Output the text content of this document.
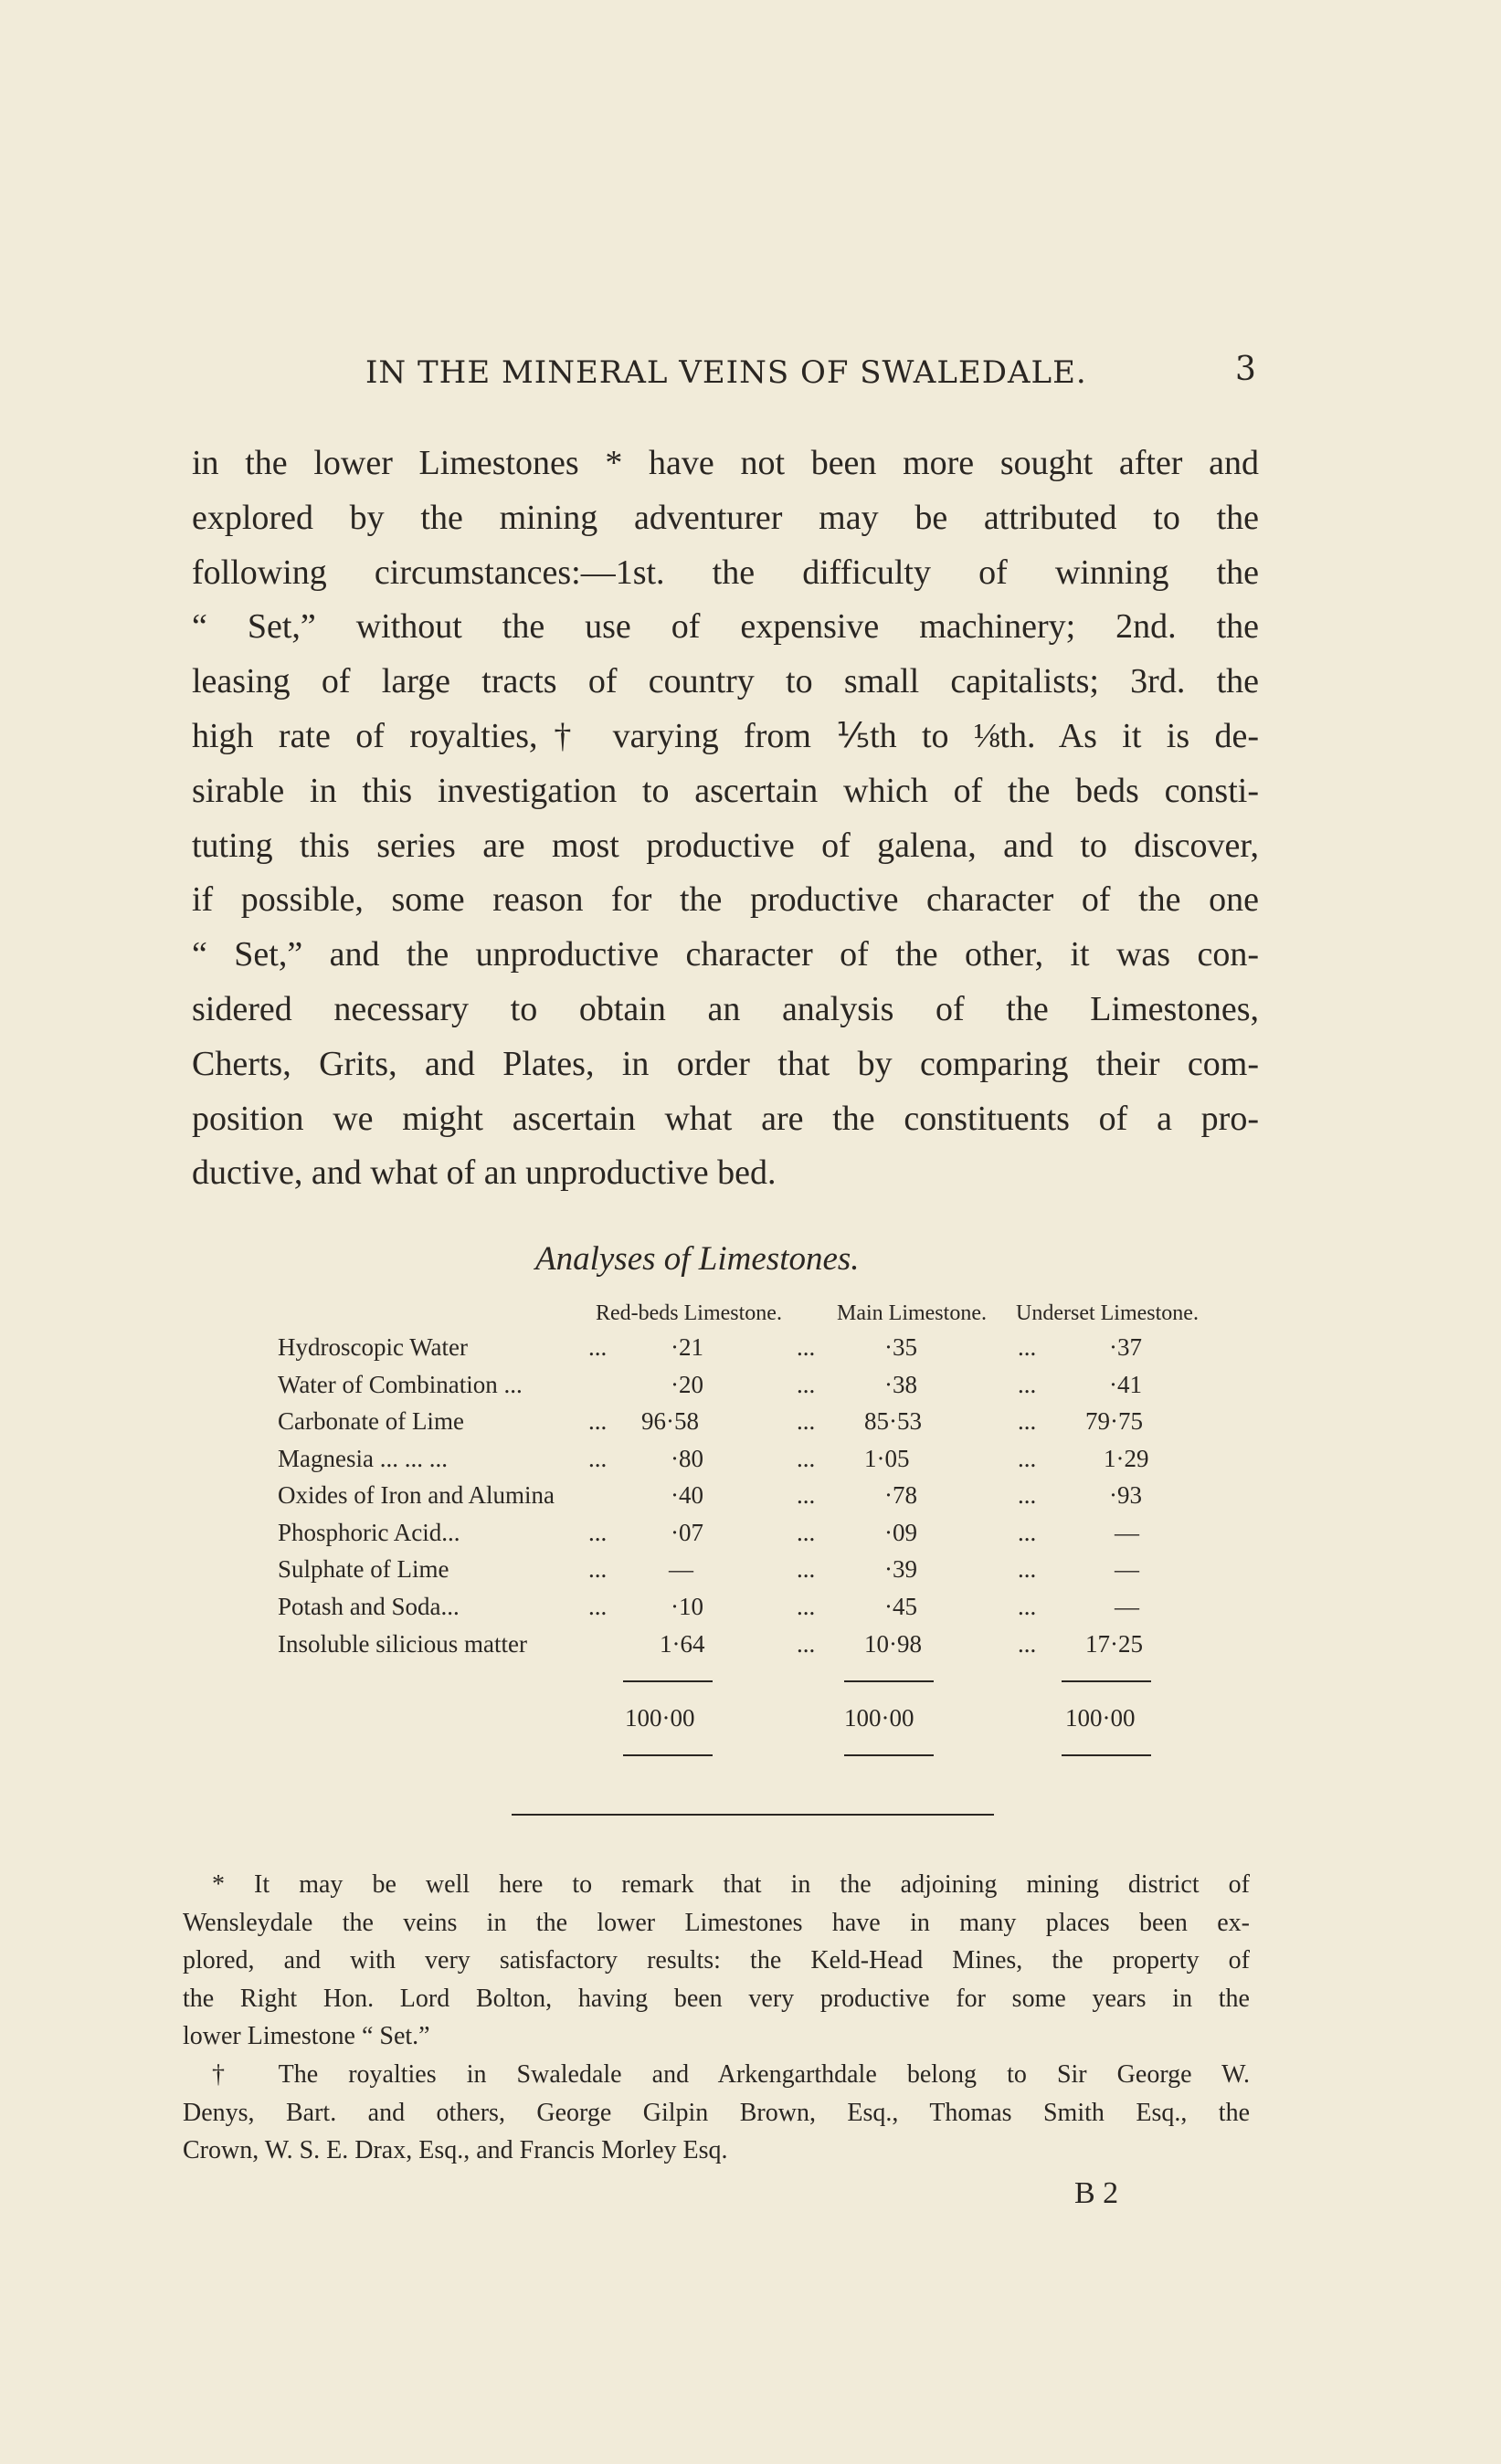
IN THE MINERAL VEINS OF SWALEDALE.	3
in the lower Limestones * have not been more sought after and
explored by the mining adventurer may be attributed to the
following circumstances:—1st. the difficulty of winning the
“ Set,” without the use of expensive machinery; 2nd. the
leasing of large tracts of country to small capitalists; 3rd. the
high rate of royalties,† varying from ⅕th to ⅛th. As it is de-
sirable in this investigation to ascertain which of the beds consti-
tuting this series are most productive of galena, and to discover,
if possible, some reason for the productive character of the one
“ Set,” and the unproductive character of the other, it was con-
sidered necessary to obtain an analysis of the Limestones,
Cherts, Grits, and Plates, in order that by comparing their com-
position we might ascertain what are the constituents of a pro-
ductive, and what of an unproductive bed.
Analyses of Limestones.
Red-beds Limestone.	Main Limestone. Underset Limestone.
Hydroscopic Water	...	·21	...	·35	...	·37
Water of Combination ...	·20	...	·38	...	·41
Carbonate of Lime	... 96·58	... 85·53	... 79·75
Magnesia ... ... ...	...	·80	... 1·05	...	1·29
Oxides of Iron and Alumina	·40	...	·78	...	·93
Phosphoric Acid...	...	·07	...	·09	...	—
Sulphate of Lime	...	—	...	·39	...	—
Potash and Soda...	...	·10	...	·45	...	—
Insoluble silicious matter	1·64	... 10·98	... 17·25
100·00	100·00	100·00
* It may be well here to remark that in the adjoining mining district of
Wensleydale the veins in the lower Limestones have in many places been ex-
plored, and with very satisfactory results: the Keld-Head Mines, the property of
the Right Hon. Lord Bolton, having been very productive for some years in the
lower Limestone “ Set.”
† The royalties in Swaledale and Arkengarthdale belong to Sir George W.
Denys, Bart. and others, George Gilpin Brown, Esq., Thomas Smith Esq., the
Crown, W. S. E. Drax, Esq., and Francis Morley Esq.
B 2
